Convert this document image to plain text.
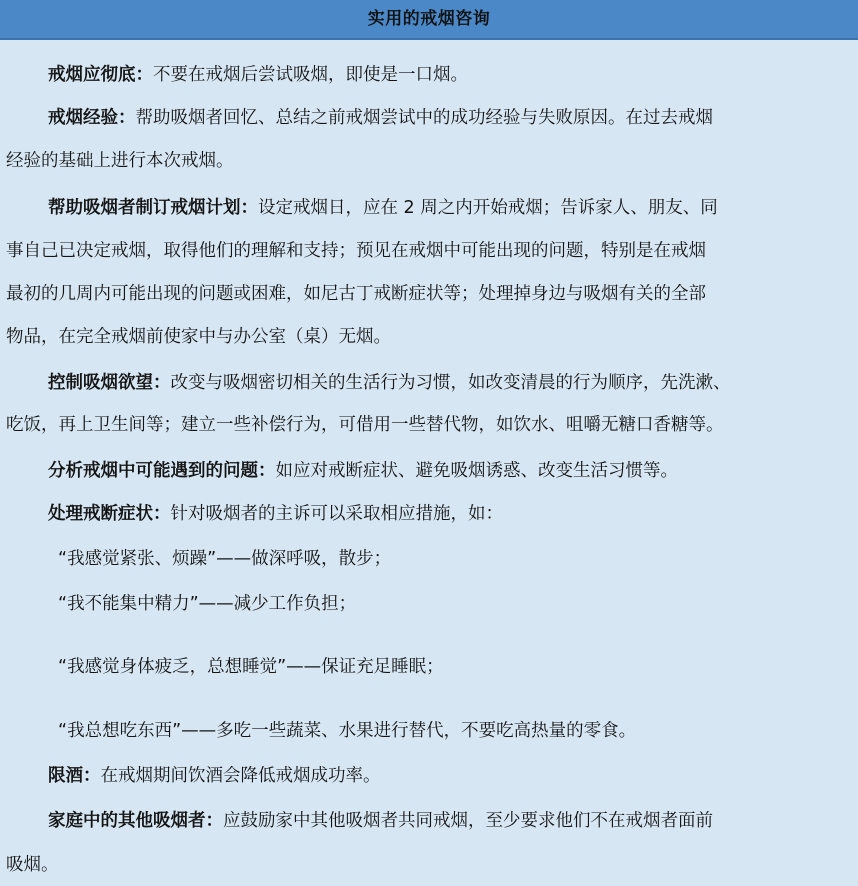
实用的戒烟咨询
戒烟应彻底：不要在戒烟后尝试吸烟，即使是一口烟。
戒烟经验：帮助吸烟者回忆、总结之前戒烟尝试中的成功经验与失败原因。在过去戒烟
经验的基础上进行本次戒烟。
帮助吸烟者制订戒烟计划：设定戒烟日，应在 2 周之内开始戒烟；告诉家人、朋友、同
事自己已决定戒烟，取得他们的理解和支持；预见在戒烟中可能出现的问题，特别是在戒烟
最初的几周内可能出现的问题或困难，如尼古丁戒断症状等；处理掉身边与吸烟有关的全部
物品，在完全戒烟前使家中与办公室（桌）无烟。
控制吸烟欲望：改变与吸烟密切相关的生活行为习惯，如改变清晨的行为顺序，先洗漱、
吃饭，再上卫生间等；建立一些补偿行为，可借用一些替代物，如饮水、咀嚼无糖口香糖等。
分析戒烟中可能遇到的问题：如应对戒断症状、避免吸烟诱惑、改变生活习惯等。
处理戒断症状：针对吸烟者的主诉可以采取相应措施，如：
“我感觉紧张、烦躁”——做深呼吸，散步；
“我不能集中精力”——减少工作负担；
“我感觉身体疲乏，总想睡觉”——保证充足睡眠；
“我总想吃东西”——多吃一些蔬菜、水果进行替代，不要吃高热量的零食。
限酒：在戒烟期间饮酒会降低戒烟成功率。
家庭中的其他吸烟者：应鼓励家中其他吸烟者共同戒烟，至少要求他们不在戒烟者面前
吸烟。
